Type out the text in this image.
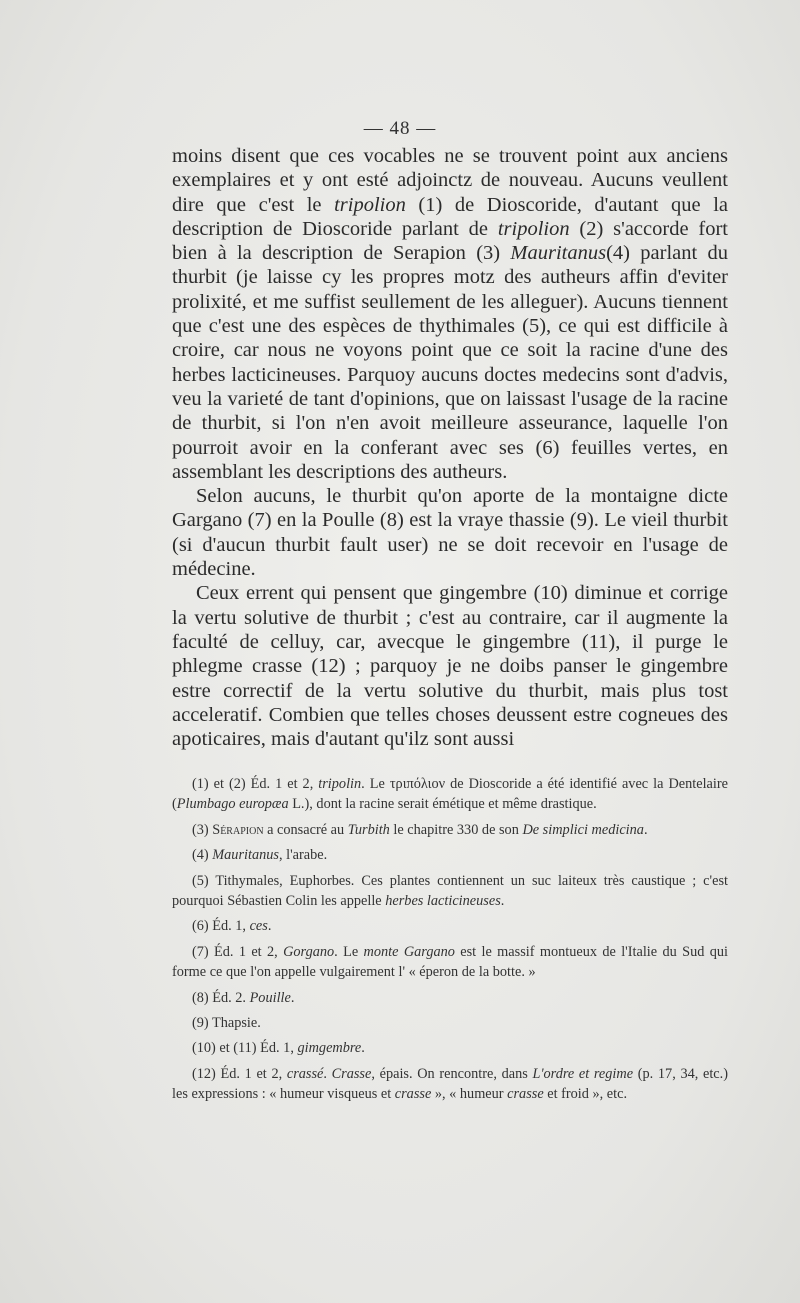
— 48 —

moins disent que ces vocables ne se trouvent point aux anciens exemplaires et y ont esté adjoinctz de nouveau. Aucuns veullent dire que c'est le tripolion (1) de Dioscoride, d'autant que la description de Dioscoride parlant de tripolion (2) s'accorde fort bien à la description de Serapion (3) Mauritanus(4) parlant du thurbit (je laisse cy les propres motz des autheurs affin d'eviter prolixité, et me suffist seullement de les alleguer). Aucuns tiennent que c'est une des espèces de thythimales (5), ce qui est difficile à croire, car nous ne voyons point que ce soit la racine d'une des herbes lacticineuses. Parquoy aucuns doctes medecins sont d'advis, veu la varieté de tant d'opinions, que on laissast l'usage de la racine de thurbit, si l'on n'en avoit meilleure asseurance, laquelle l'on pourroit avoir en la conferant avec ses (6) feuilles vertes, en assemblant les descriptions des autheurs.

Selon aucuns, le thurbit qu'on aporte de la montaigne dicte Gargano (7) en la Poulle (8) est la vraye thassie (9). Le vieil thurbit (si d'aucun thurbit fault user) ne se doit recevoir en l'usage de médecine.

Ceux errent qui pensent que gingembre (10) diminue et corrige la vertu solutive de thurbit ; c'est au contraire, car il augmente la faculté de celluy, car, avecque le gingembre (11), il purge le phlegme crasse (12) ; parquoy je ne doibs panser le gingembre estre correctif de la vertu solutive du thurbit, mais plus tost acceleratif. Combien que telles choses deussent estre cogneues des apoticaires, mais d'autant qu'ilz sont aussi

(1) et (2) Éd. 1 et 2, tripolin. Le τριπόλιον de Dioscoride a été identifié avec la Dentelaire (Plumbago europæa L.), dont la racine serait émétique et même drastique.

(3) Sérapion a consacré au Turbith le chapitre 330 de son De simplici medicina.

(4) Mauritanus, l'arabe.

(5) Tithymales, Euphorbes. Ces plantes contiennent un suc laiteux très caustique ; c'est pourquoi Sébastien Colin les appelle herbes lacticineuses.

(6) Éd. 1, ces.

(7) Éd. 1 et 2, Gorgano. Le monte Gargano est le massif montueux de l'Italie du Sud qui forme ce que l'on appelle vulgairement l' « éperon de la botte. »

(8) Éd. 2. Pouille.

(9) Thapsie.

(10) et (11) Éd. 1, gimgembre.

(12) Éd. 1 et 2, crassé. Crasse, épais. On rencontre, dans L'ordre et regime (p. 17, 34, etc.) les expressions : « humeur visqueus et crasse », « humeur crasse et froid », etc.
